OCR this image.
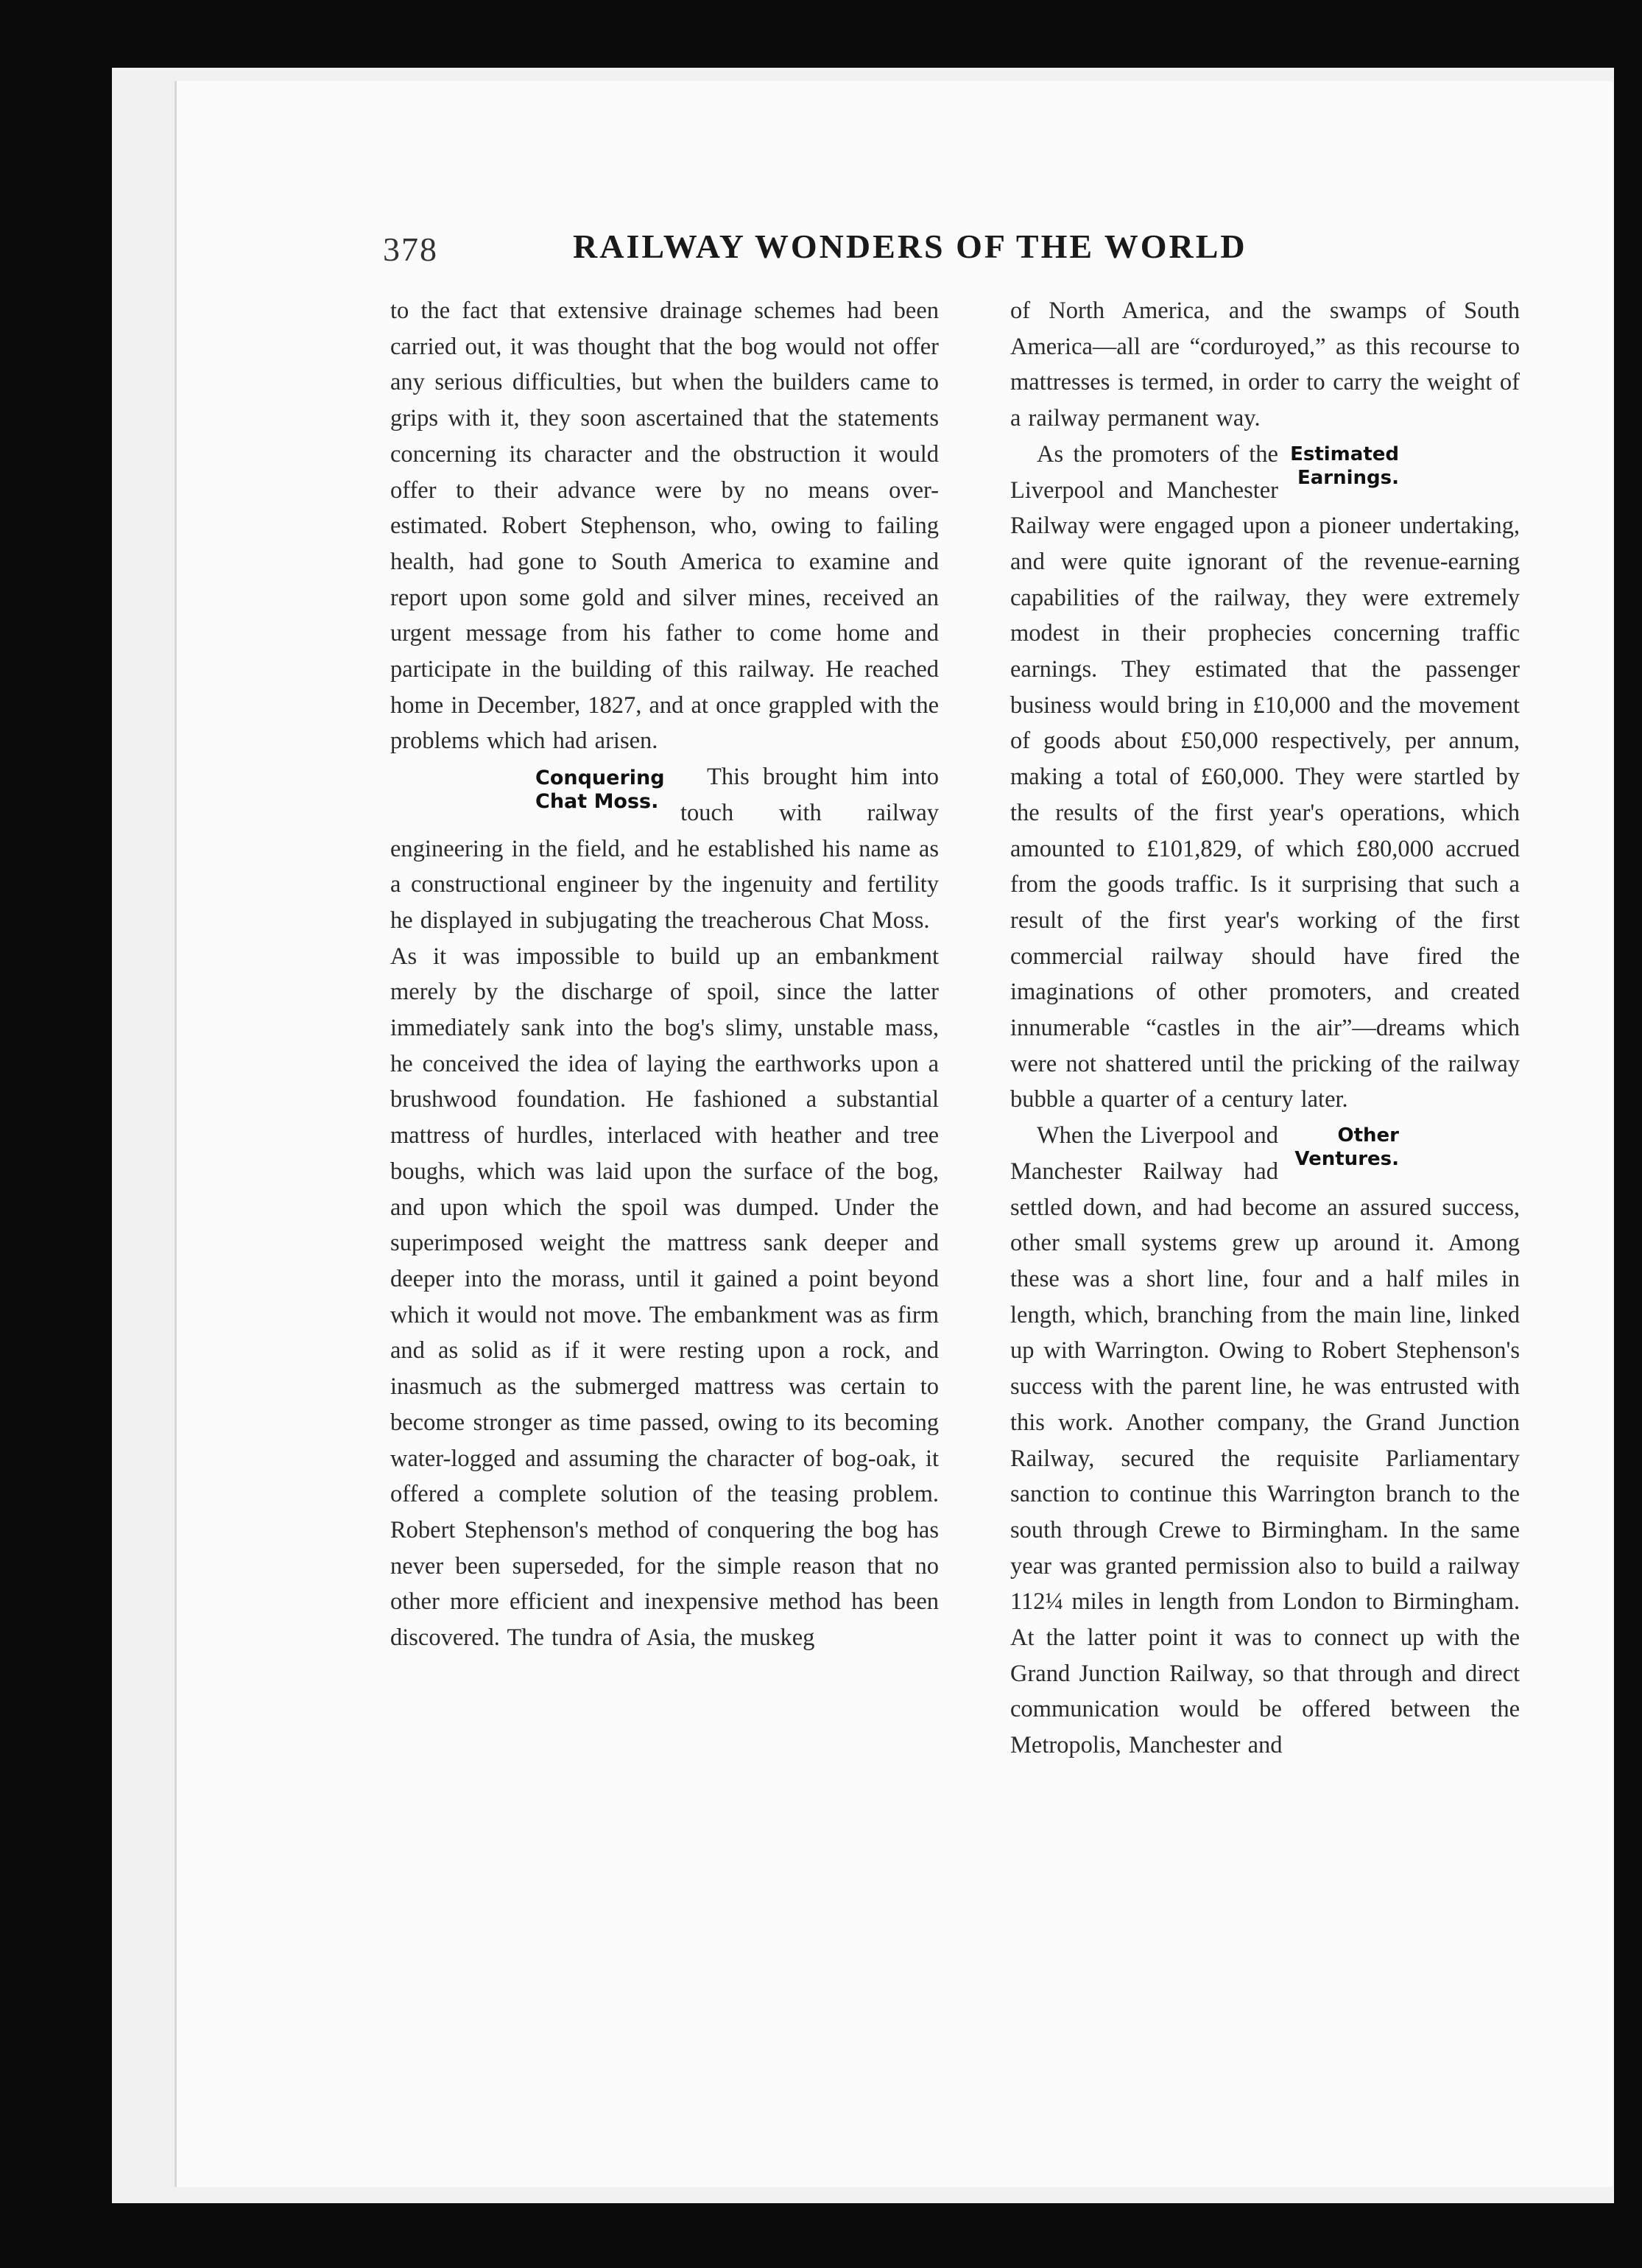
378	RAILWAY WONDERS OF THE WORLD

to the fact that extensive drainage schemes had been carried out, it was thought that the bog would not offer any serious difficulties, but when the builders came to grips with it, they soon ascertained that the statements concerning its character and the obstruction it would offer to their advance were by no means over-estimated. Robert Stephenson, who, owing to failing health, had gone to South America to examine and report upon some gold and silver mines, received an urgent message from his father to come home and participate in the building of this railway. He reached home in December, 1827, and at once grappled with the problems which had arisen.

Conquering Chat Moss.

This brought him into touch with railway engineering in the field, and he established his name as a constructional engineer by the ingenuity and fertility he displayed in subjugating the treacherous Chat Moss.

As it was impossible to build up an embankment merely by the discharge of spoil, since the latter immediately sank into the bog's slimy, unstable mass, he conceived the idea of laying the earthworks upon a brushwood foundation. He fashioned a substantial mattress of hurdles, interlaced with heather and tree boughs, which was laid upon the surface of the bog, and upon which the spoil was dumped. Under the superimposed weight the mattress sank deeper and deeper into the morass, until it gained a point beyond which it would not move. The embankment was as firm and as solid as if it were resting upon a rock, and inasmuch as the submerged mattress was certain to become stronger as time passed, owing to its becoming water-logged and assuming the character of bog-oak, it offered a complete solution of the teasing problem. Robert Stephenson's method of conquering the bog has never been superseded, for the simple reason that no other more efficient and inexpensive method has been discovered. The tundra of Asia, the muskeg

of North America, and the swamps of South America—all are “corduroyed,” as this recourse to mattresses is termed, in order to carry the weight of a railway permanent way.

Estimated Earnings.

As the promoters of the Liverpool and Manchester Railway were engaged upon a pioneer undertaking, and were quite ignorant of the revenue-earning capabilities of the railway, they were extremely modest in their prophecies concerning traffic earnings. They estimated that the passenger business would bring in £10,000 and the movement of goods about £50,000 respectively, per annum, making a total of £60,000. They were startled by the results of the first year's operations, which amounted to £101,829, of which £80,000 accrued from the goods traffic. Is it surprising that such a result of the first year's working of the first commercial railway should have fired the imaginations of other promoters, and created innumerable “castles in the air”—dreams which were not shattered until the pricking of the railway bubble a quarter of a century later.

Other Ventures.

When the Liverpool and Manchester Railway had settled down, and had become an assured success, other small systems grew up around it. Among these was a short line, four and a half miles in length, which, branching from the main line, linked up with Warrington. Owing to Robert Stephenson's success with the parent line, he was entrusted with this work. Another company, the Grand Junction Railway, secured the requisite Parliamentary sanction to continue this Warrington branch to the south through Crewe to Birmingham. In the same year was granted permission also to build a railway 112¼ miles in length from London to Birmingham. At the latter point it was to connect up with the Grand Junction Railway, so that through and direct communication would be offered between the Metropolis, Manchester and
